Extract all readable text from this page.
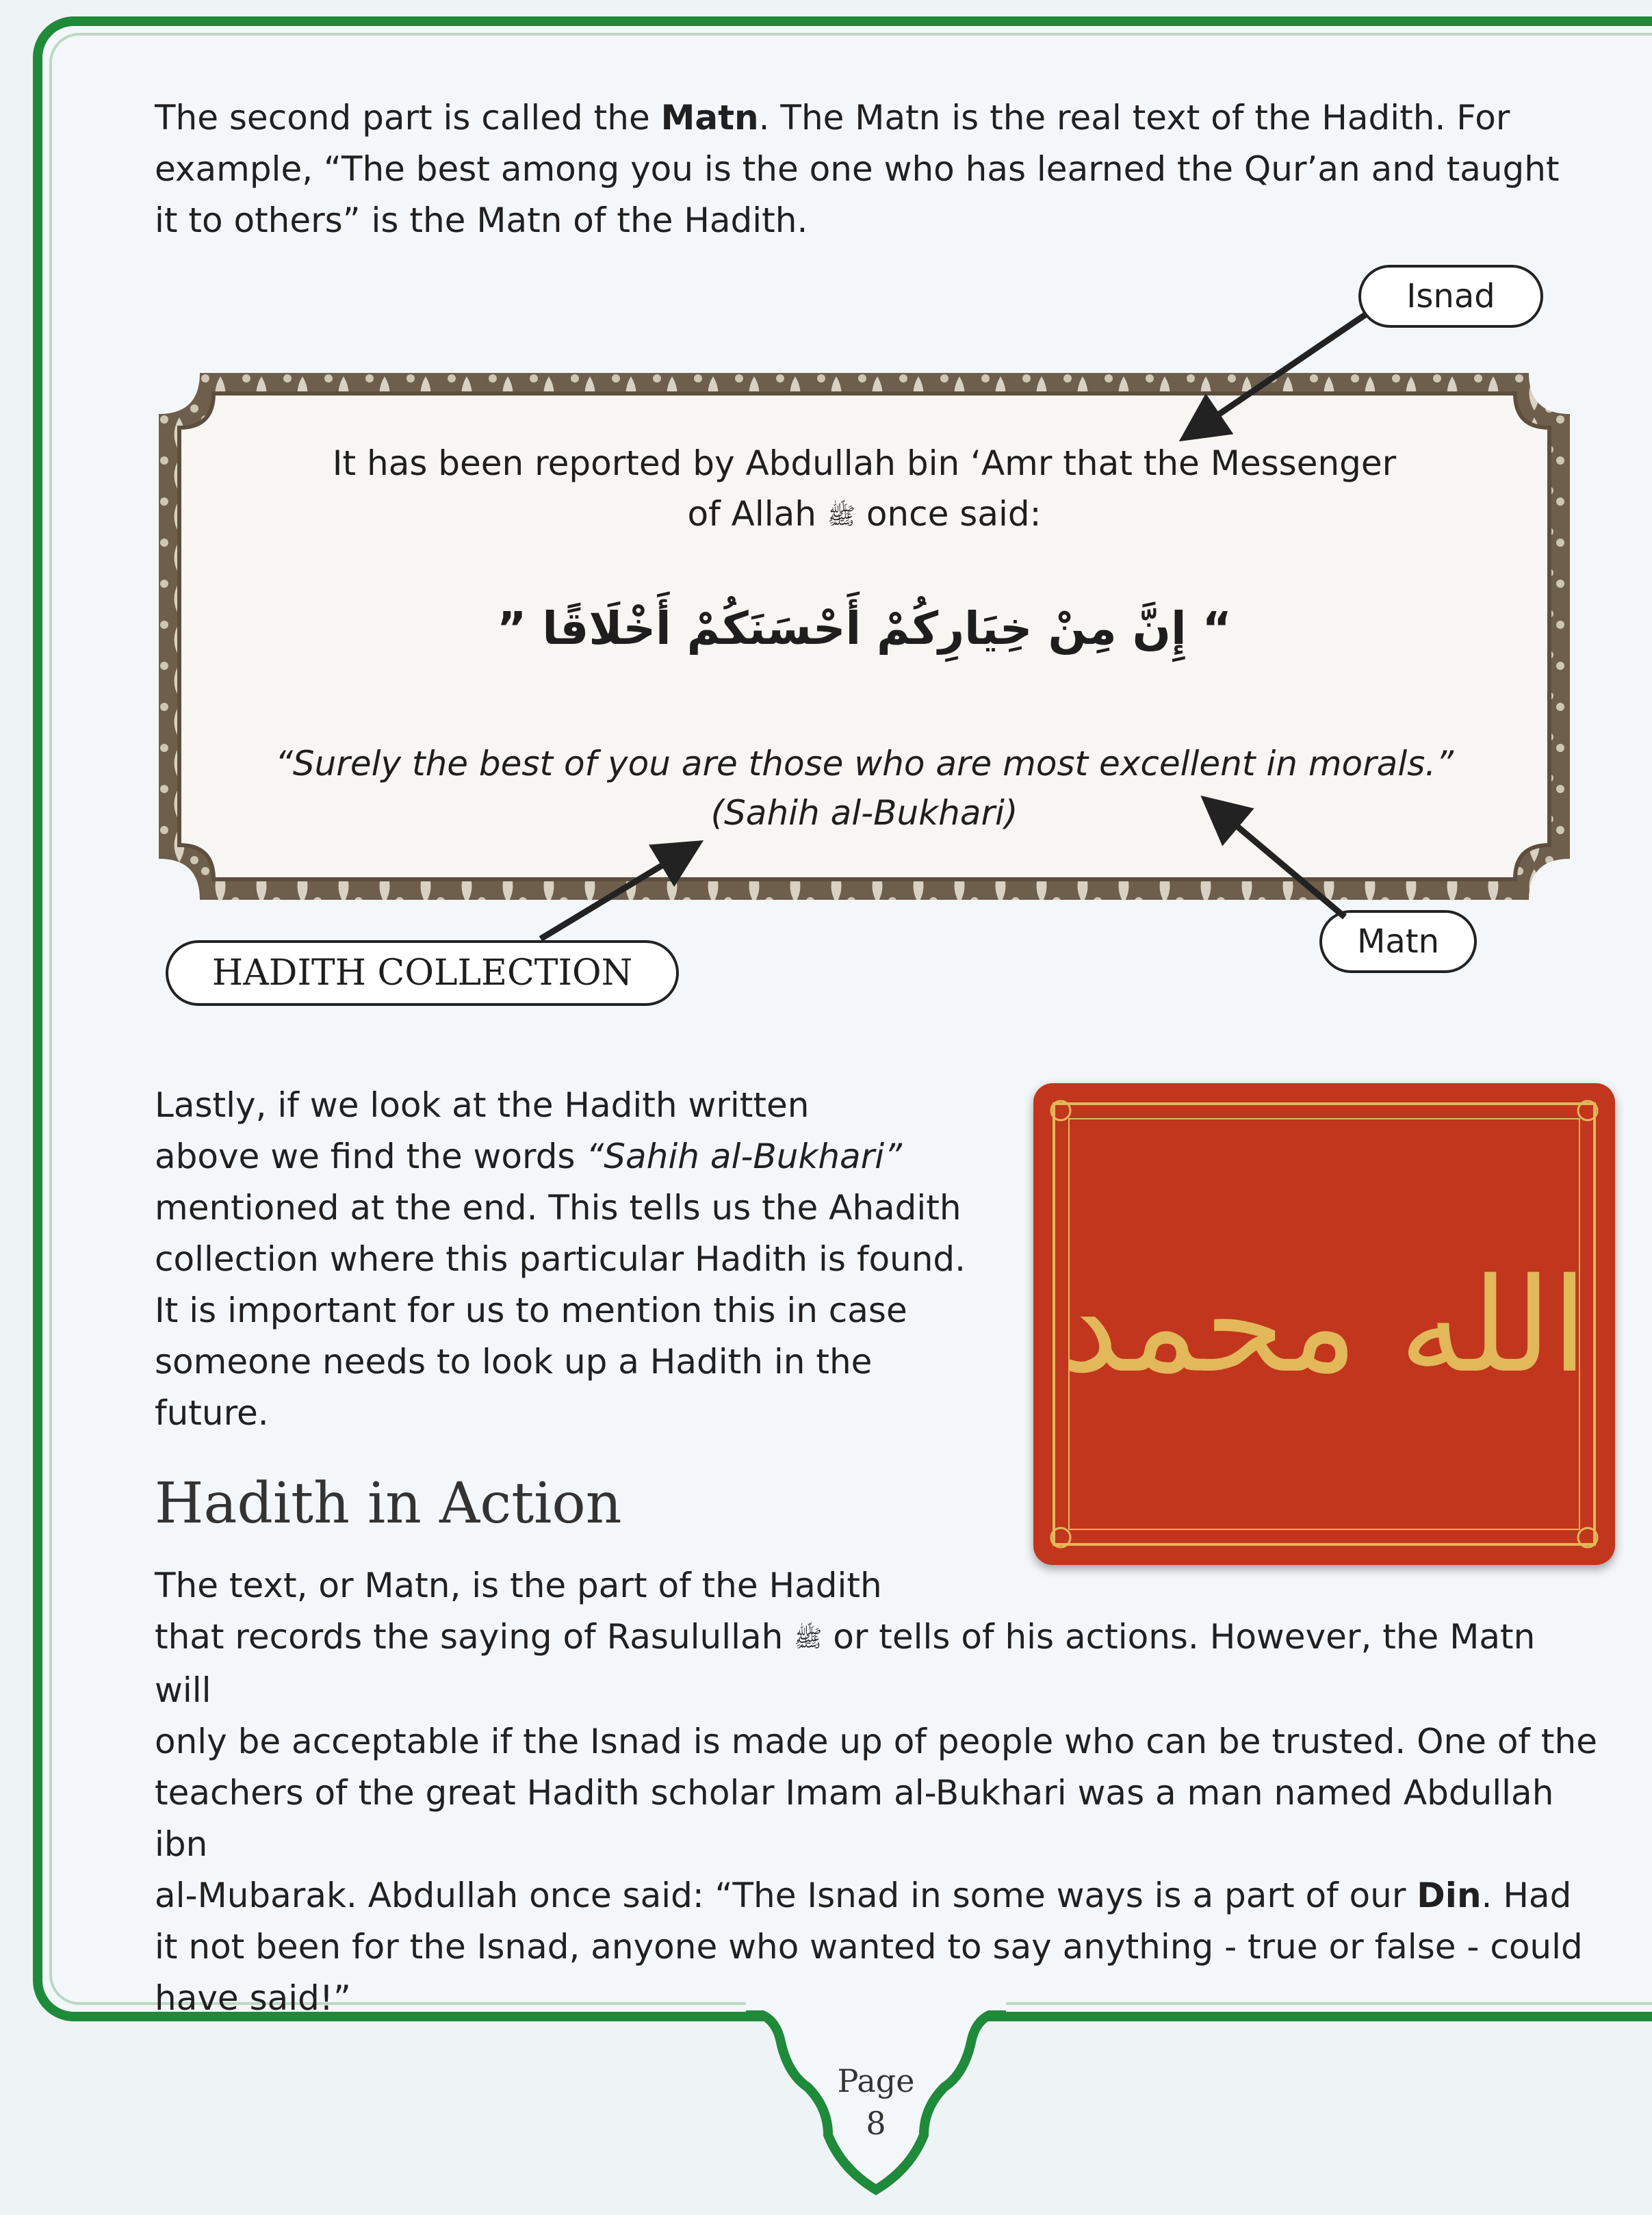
Page
8
The second part is called the Matn. The Matn is the real text of the Hadith. For example, “The best among you is the one who has learned the Qur’an and taught it to others” is the Matn of the Hadith.
It has been reported by Abdullah bin ‘Amr that the Messenger
of Allah ﷺ once said:
“ إِنَّ مِنْ خِيَارِكُمْ أَحْسَنَكُمْ أَخْلَاقًا ”
“Surely the best of you are those who are most excellent in morals.”
(Sahih al-Bukhari)
Isnad
Matn
HADITH COLLECTION
Lastly, if we look at the Hadith written
above we find the words “Sahih al-Bukhari”
mentioned at the end. This tells us the Ahadith
collection where this particular Hadith is found.
It is important for us to mention this in case
someone needs to look up a Hadith in the
future.
الله محمد
Hadith in Action
The text, or Matn, is the part of the Hadith
that records the saying of Rasulullah ﷺ or tells of his actions. However, the Matn will
only be acceptable if the Isnad is made up of people who can be trusted. One of the
teachers of the great Hadith scholar Imam al-Bukhari was a man named Abdullah ibn
al-Mubarak. Abdullah once said: “The Isnad in some ways is a part of our Din. Had
it not been for the Isnad, anyone who wanted to say anything - true or false - could
have said!”
